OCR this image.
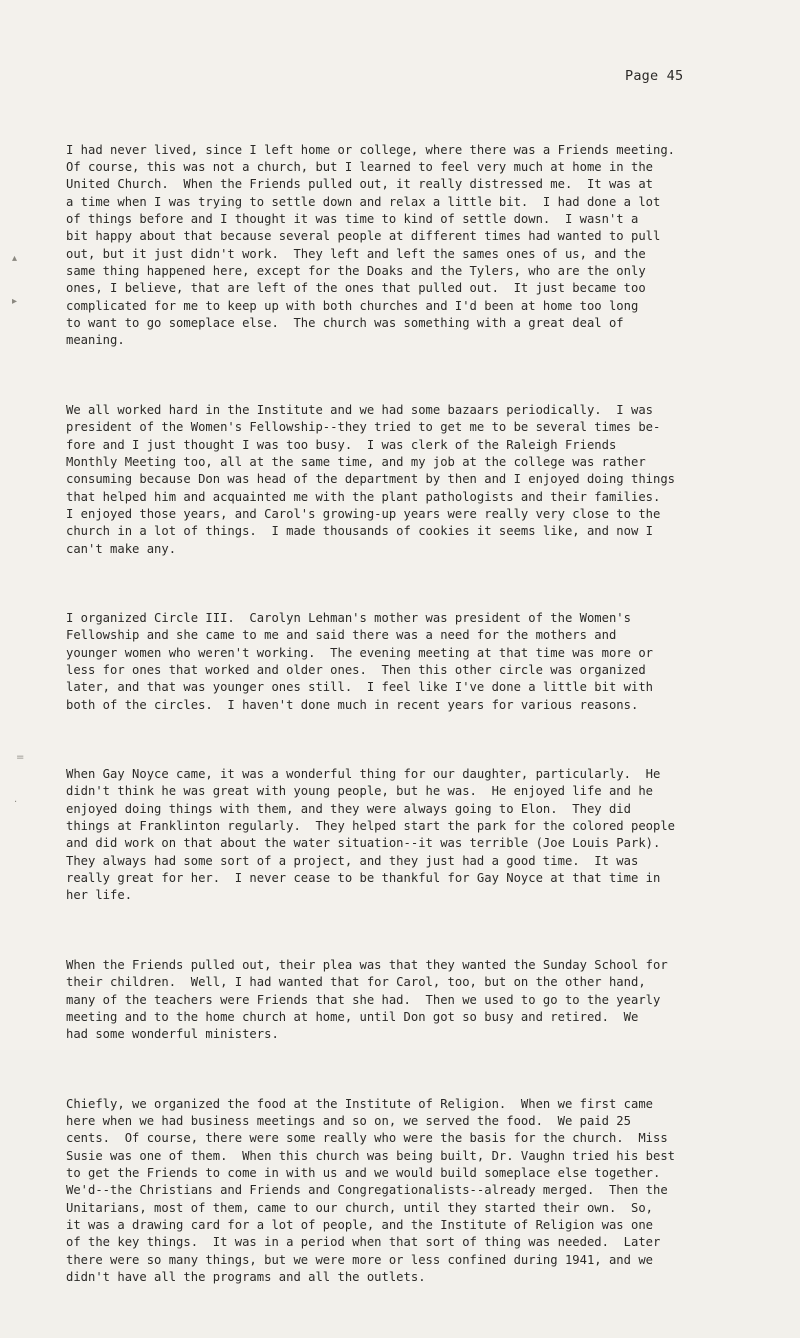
▴
▸
=
·
Page 45

I had never lived, since I left home or college, where there was a Friends meeting.
Of course, this was not a church, but I learned to feel very much at home in the
United Church.  When the Friends pulled out, it really distressed me.  It was at
a time when I was trying to settle down and relax a little bit.  I had done a lot
of things before and I thought it was time to kind of settle down.  I wasn't a
bit happy about that because several people at different times had wanted to pull
out, but it just didn't work.  They left and left the sames ones of us, and the
same thing happened here, except for the Doaks and the Tylers, who are the only
ones, I believe, that are left of the ones that pulled out.  It just became too
complicated for me to keep up with both churches and I'd been at home too long
to want to go someplace else.  The church was something with a great deal of
meaning.

We all worked hard in the Institute and we had some bazaars periodically.  I was
president of the Women's Fellowship--they tried to get me to be several times be-
fore and I just thought I was too busy.  I was clerk of the Raleigh Friends
Monthly Meeting too, all at the same time, and my job at the college was rather
consuming because Don was head of the department by then and I enjoyed doing things
that helped him and acquainted me with the plant pathologists and their families.
I enjoyed those years, and Carol's growing-up years were really very close to the
church in a lot of things.  I made thousands of cookies it seems like, and now I
can't make any.

I organized Circle III.  Carolyn Lehman's mother was president of the Women's
Fellowship and she came to me and said there was a need for the mothers and
younger women who weren't working.  The evening meeting at that time was more or
less for ones that worked and older ones.  Then this other circle was organized
later, and that was younger ones still.  I feel like I've done a little bit with
both of the circles.  I haven't done much in recent years for various reasons.

When Gay Noyce came, it was a wonderful thing for our daughter, particularly.  He
didn't think he was great with young people, but he was.  He enjoyed life and he
enjoyed doing things with them, and they were always going to Elon.  They did
things at Franklinton regularly.  They helped start the park for the colored people
and did work on that about the water situation--it was terrible (Joe Louis Park).
They always had some sort of a project, and they just had a good time.  It was
really great for her.  I never cease to be thankful for Gay Noyce at that time in
her life.

When the Friends pulled out, their plea was that they wanted the Sunday School for
their children.  Well, I had wanted that for Carol, too, but on the other hand,
many of the teachers were Friends that she had.  Then we used to go to the yearly
meeting and to the home church at home, until Don got so busy and retired.  We
had some wonderful ministers.

Chiefly, we organized the food at the Institute of Religion.  When we first came
here when we had business meetings and so on, we served the food.  We paid 25
cents.  Of course, there were some really who were the basis for the church.  Miss
Susie was one of them.  When this church was being built, Dr. Vaughn tried his best
to get the Friends to come in with us and we would build someplace else together.
We'd--the Christians and Friends and Congregationalists--already merged.  Then the
Unitarians, most of them, came to our church, until they started their own.  So,
it was a drawing card for a lot of people, and the Institute of Religion was one
of the key things.  It was in a period when that sort of thing was needed.  Later
there were so many things, but we were more or less confined during 1941, and we
didn't have all the programs and all the outlets.
